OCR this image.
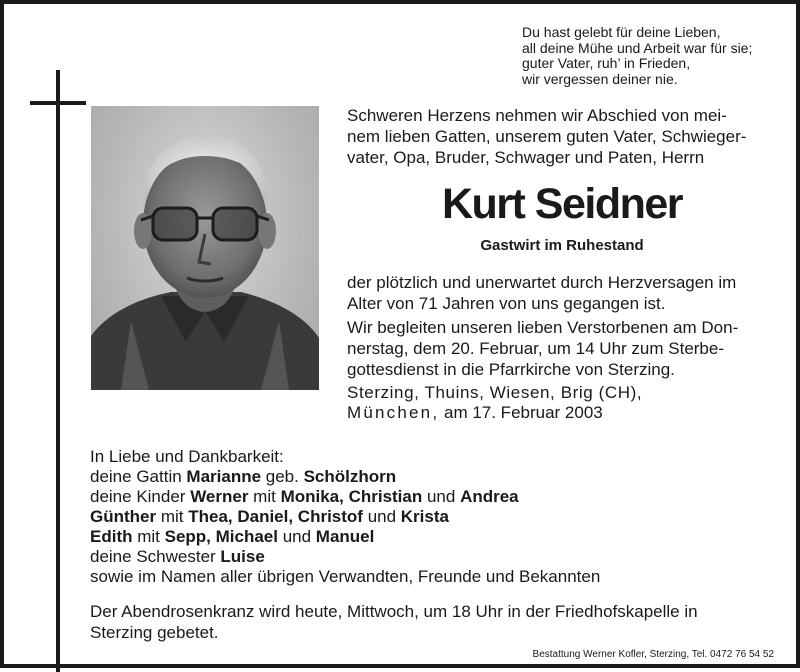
Du hast gelebt für deine Lieben,
all deine Mühe und Arbeit war für sie;
guter Vater, ruh’ in Frieden,
wir vergessen deiner nie.
Schweren Herzens nehmen wir Abschied von mei-
nem lieben Gatten, unserem guten Vater, Schwieger-
vater, Opa, Bruder, Schwager und Paten, Herrn
Kurt Seidner
Gastwirt im Ruhestand
der plötzlich und unerwartet durch Herzversagen im
Alter von 71 Jahren von uns gegangen ist.
Wir begleiten unseren lieben Verstorbenen am Don-
nerstag, dem 20. Februar, um 14 Uhr zum Sterbe-
gottesdienst in die Pfarrkirche von Sterzing.
Sterzing, Thuins, Wiesen, Brig (CH),
München, am 17. Februar 2003
In Liebe und Dankbarkeit:
deine Gattin Marianne geb. Schölzhorn
deine Kinder Werner mit Monika, Christian und Andrea
Günther mit Thea, Daniel, Christof und Krista
Edith mit Sepp, Michael und Manuel
deine Schwester Luise
sowie im Namen aller übrigen Verwandten, Freunde und Bekannten
Der Abendrosenkranz wird heute, Mittwoch, um 18 Uhr in der Friedhofskapelle in
Sterzing gebetet.
Bestattung Werner Kofler, Sterzing, Tel. 0472 76 54 52
